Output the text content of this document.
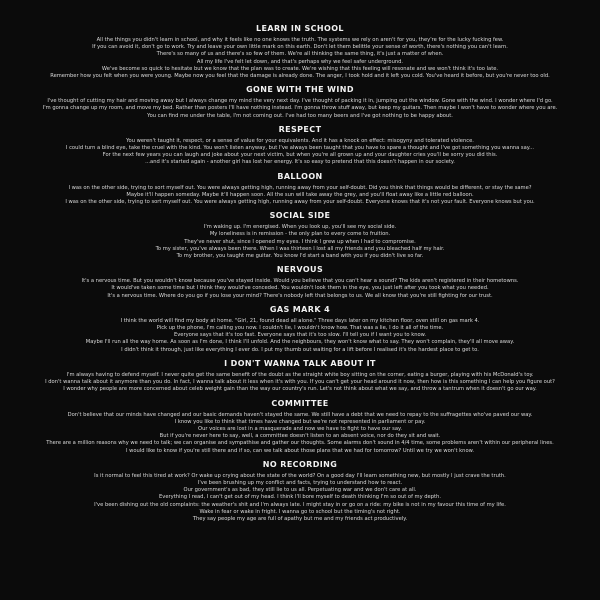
LEARN IN SCHOOL
All the things you didn't learn in school, and why it feels like no one knows the truth. The systems we rely on aren't for you, they're for the lucky fucking few.
If you can avoid it, don't go to work. Try and leave your own little mark on this earth. Don't let them belittle your sense of worth, there's nothing you can't learn.
There's so many of us and there's so few of them. We're all thinking the same thing, it's just a matter of when.
All my life I've felt let down, and that's perhaps why we feel safer underground.
We've become so quick to hesitate but we know that the plan was to create. We're wishing that this feeling will resonate and we won't think it's too late.
Remember how you felt when you were young. Maybe now you feel that the damage is already done. The anger, I took hold and it left you cold. You've heard it before, but you're never too old.
GONE WITH THE WIND
I've thought of cutting my hair and moving away but I always change my mind the very next day. I've thought of packing it in, jumping out the window. Gone with the wind. I wonder where I'd go.
I'm gonna change up my room, and move my bed. Rather than posters I'll have nothing instead. I'm gonna throw stuff away, but keep my guitars. Then maybe I won't have to wonder where you are.
You can find me under the table, I'm not coming out. I've had too many beers and I've got nothing to be happy about.
RESPECT
You weren't taught it, respect, or a sense of value for your equivalents. And it has a knock on effect: misogyny and tolerated violence.
I could turn a blind eye, take the cruel with the kind. You won't listen anyway, but I've always been taught that you have to spare a thought and I've got something you wanna say...
For the next few years you can laugh and joke about your next victim, but when you're all grown up and your daughter cries you'll be sorry you did this.
...and it's started again - another girl has lost her energy. It's so easy to pretend that this doesn't happen in our society.
BALLOON
I was on the other side, trying to sort myself out. You were always getting high, running away from your self-doubt. Did you think that things would be different, or stay the same?
Maybe it'll happen someday. Maybe it'll happen soon. All the sun will take away the grey, and you'll float away like a little red balloon.
I was on the other side, trying to sort myself out. You were always getting high, running away from your self-doubt. Everyone knows that it's not your fault. Everyone knows but you.
SOCIAL SIDE
I'm waking up. I'm energised. When you look up, you'll see my social side.
My loneliness is in remission - the only plan to every come to fruition.
They've never shut, since I opened my eyes. I think I grew up when I had to compromise.
To my sister, you've always been there. When I was thirteen I lost all my friends and you bleached half my hair.
To my brother, you taught me guitar. You know I'd start a band with you if you didn't live so far.
NERVOUS
It's a nervous time. But you wouldn't know because you've stayed inside. Would you believe that you can't hear a sound? The kids aren't registered in their hometowns.
It would've taken some time but I think they would've conceded. You wouldn't look them in the eye, you just left after you took what you needed.
It's a nervous time. Where do you go if you lose your mind? There's nobody left that belongs to us. We all know that you're still fighting for our trust.
GAS MARK 4
I think the world will find my body at home. "Girl, 21, found dead all alone." Three days later on my kitchen floor, oven still on gas mark 4.
Pick up the phone, I'm calling you now. I couldn't lie, I wouldn't know how. That was a lie, I do it all of the time.
Everyone says that it's too fast. Everyone says that it's too slow. I'll tell you if I want you to know.
Maybe I'll run all the way home. As soon as I'm done, I think I'll unfold. And the neighbours, they won't know what to say. They won't complain, they'll all move away.
I didn't think it through, just like everything I ever do. I put my thumb out waiting for a lift before I realised it's the hardest place to get to.
I DON'T WANNA TALK ABOUT IT
I'm always having to defend myself. I never quite get the same benefit of the doubt as the straight white boy sitting on the corner, eating a burger, playing with his McDonald's toy.
I don't wanna talk about it anymore than you do. In fact, I wanna talk about it less when it's with you. If you can't get your head around it now, then how is this something I can help you figure out?
I wonder why people are more concerned about celeb weight gain than the way our country's run. Let's not think about what we say, and throw a tantrum when it doesn't go our way.
COMMITTEE
Don't believe that our minds have changed and our basic demands haven't stayed the same. We still have a debt that we need to repay to the suffragettes who've paved our way.
I know you like to think that times have changed but we're not represented in parliament or pay.
Our voices are lost in a masquerade and now we have to fight to have our say.
But if you're never here to say, well, a committee doesn't listen to an absent voice, nor do they sit and wait.
There are a million reasons why we need to talk; we can organise and sympathise and gather our thoughts. Some alarms don't sound in 4/4 time, some problems aren't within our peripheral lines.
I would like to know if you're still there and if so, can we talk about those plans that we had for tomorrow? Until we try we won't know.
NO RECORDING
Is it normal to feel this tired at work? Or wake up crying about the state of the world? On a good day I'll learn something new, but mostly I just crave the truth.
I've been brushing up my conflict and facts, trying to understand how to react.
Our government's as bad, they still lie to us all. Perpetuating war and we don't care at all.
Everything I read, I can't get out of my head. I think I'll bore myself to death thinking I'm so out of my depth.
I've been dishing out the old complaints: the weather's shit and I'm always late. I might stay in or go on a ride: my bike is not in my favour this time of my life.
Wake in fear or wake in fright. I wanna go to school but the timing's not right.
They say people my age are full of apathy but me and my friends act productively.
